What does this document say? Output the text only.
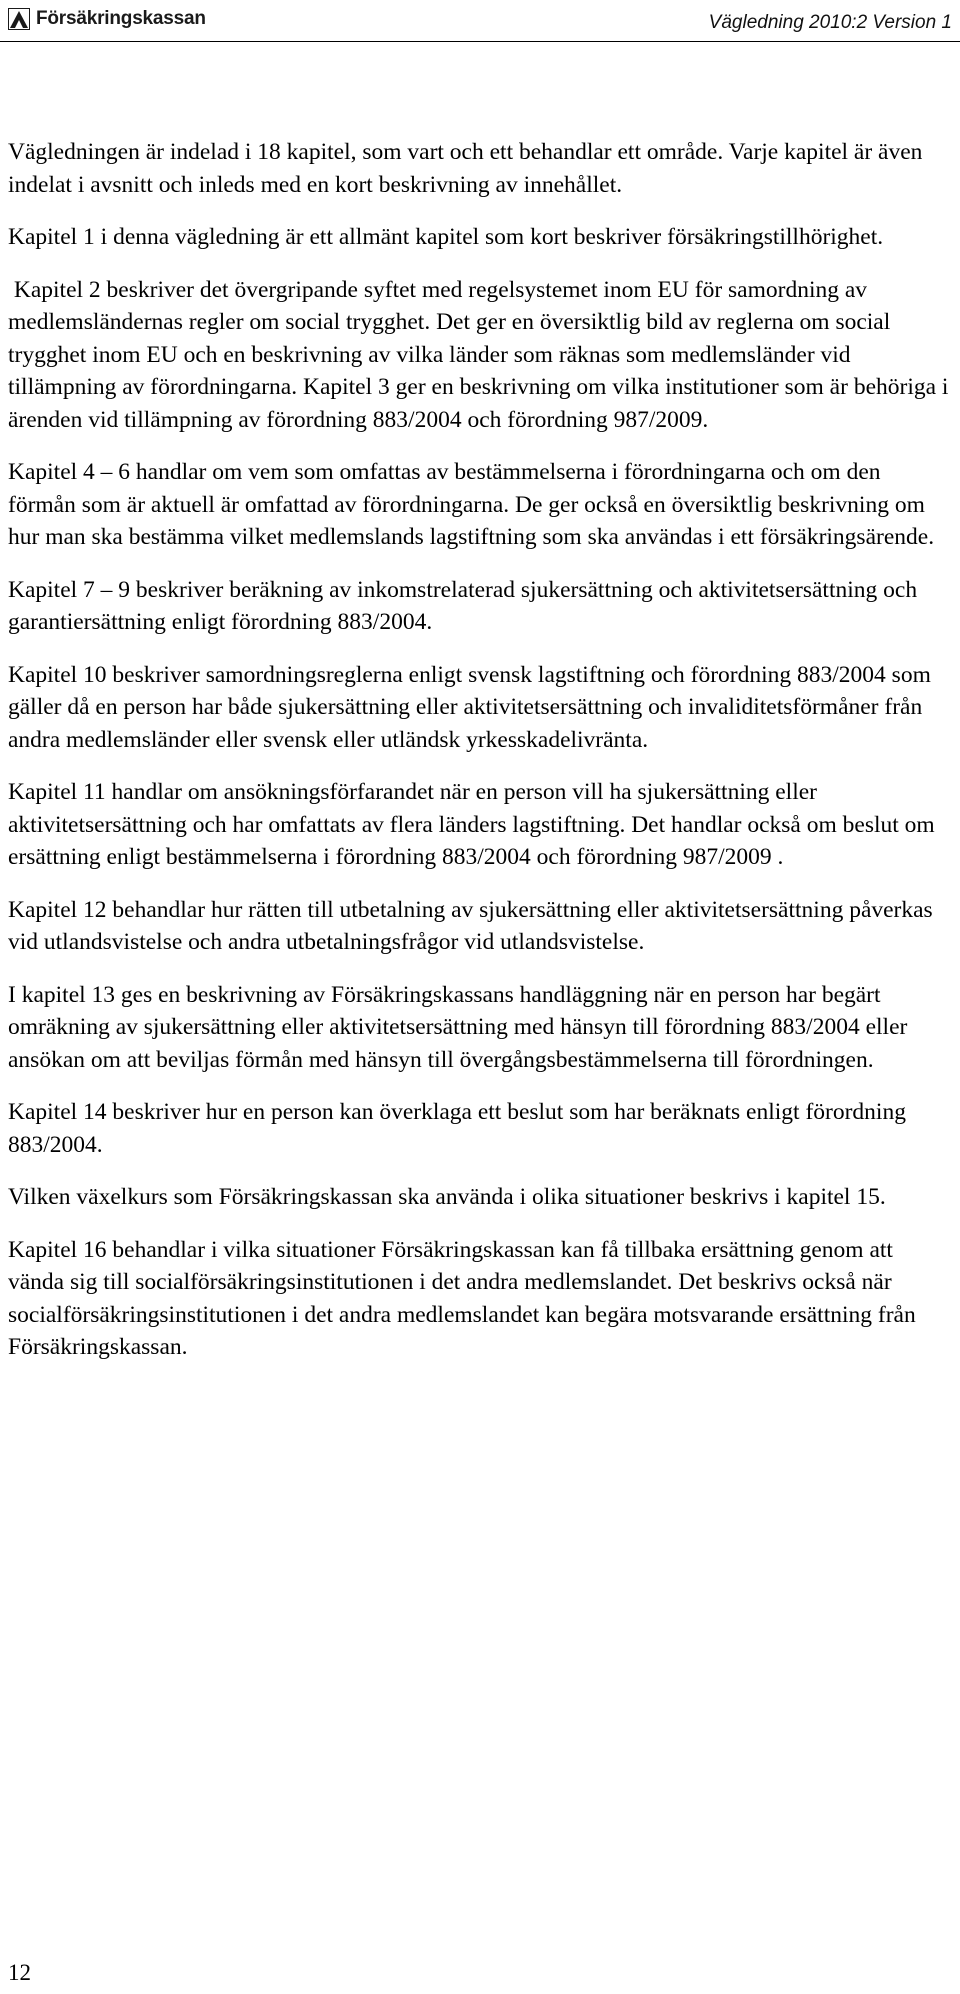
Försäkringskassan	Vägledning 2010:2 Version 1

Vägledningen är indelad i 18 kapitel, som vart och ett behandlar ett område. Varje kapitel är även indelat i avsnitt och inleds med en kort beskrivning av innehållet.

Kapitel 1 i denna vägledning är ett allmänt kapitel som kort beskriver försäkringstillhörighet.

Kapitel 2 beskriver det övergripande syftet med regelsystemet inom EU för samordning av medlemsländernas regler om social trygghet. Det ger en översiktlig bild av reglerna om social trygghet inom EU och en beskrivning av vilka länder som räknas som medlemsländer vid tillämpning av förordningarna. Kapitel 3 ger en beskrivning om vilka institutioner som är behöriga i ärenden vid tillämpning av förordning 883/2004 och förordning 987/2009.

Kapitel 4 – 6 handlar om vem som omfattas av bestämmelserna i förordningarna och om den förmån som är aktuell är omfattad av förordningarna. De ger också en översiktlig beskrivning om hur man ska bestämma vilket medlemslands lagstiftning som ska användas i ett försäkringsärende.

Kapitel 7 – 9 beskriver beräkning av inkomstrelaterad sjukersättning och aktivitetsersättning och garantiersättning enligt förordning 883/2004.

Kapitel 10 beskriver samordningsreglerna enligt svensk lagstiftning och förordning 883/2004 som gäller då en person har både sjukersättning eller aktivitetsersättning och invaliditetsförmåner från andra medlemsländer eller svensk eller utländsk yrkesskadelivränta.

Kapitel 11 handlar om ansökningsförfarandet när en person vill ha sjukersättning eller aktivitetsersättning och har omfattats av flera länders lagstiftning. Det handlar också om beslut om ersättning enligt bestämmelserna i förordning 883/2004 och förordning 987/2009 .

Kapitel 12 behandlar hur rätten till utbetalning av sjukersättning eller aktivitetsersättning påverkas vid utlandsvistelse och andra utbetalningsfrågor vid utlandsvistelse.

I kapitel 13 ges en beskrivning av Försäkringskassans handläggning när en person har begärt omräkning av sjukersättning eller aktivitetsersättning med hänsyn till förordning 883/2004 eller ansökan om att beviljas förmån med hänsyn till övergångsbestämmelserna till förordningen.

Kapitel 14 beskriver hur en person kan överklaga ett beslut som har beräknats enligt förordning 883/2004.

Vilken växelkurs som Försäkringskassan ska använda i olika situationer beskrivs i kapitel 15.

Kapitel 16 behandlar i vilka situationer Försäkringskassan kan få tillbaka ersättning genom att vända sig till socialförsäkringsinstitutionen i det andra medlemslandet. Det beskrivs också när socialförsäkringsinstitutionen i det andra medlemslandet kan begära motsvarande ersättning från Försäkringskassan.

12
